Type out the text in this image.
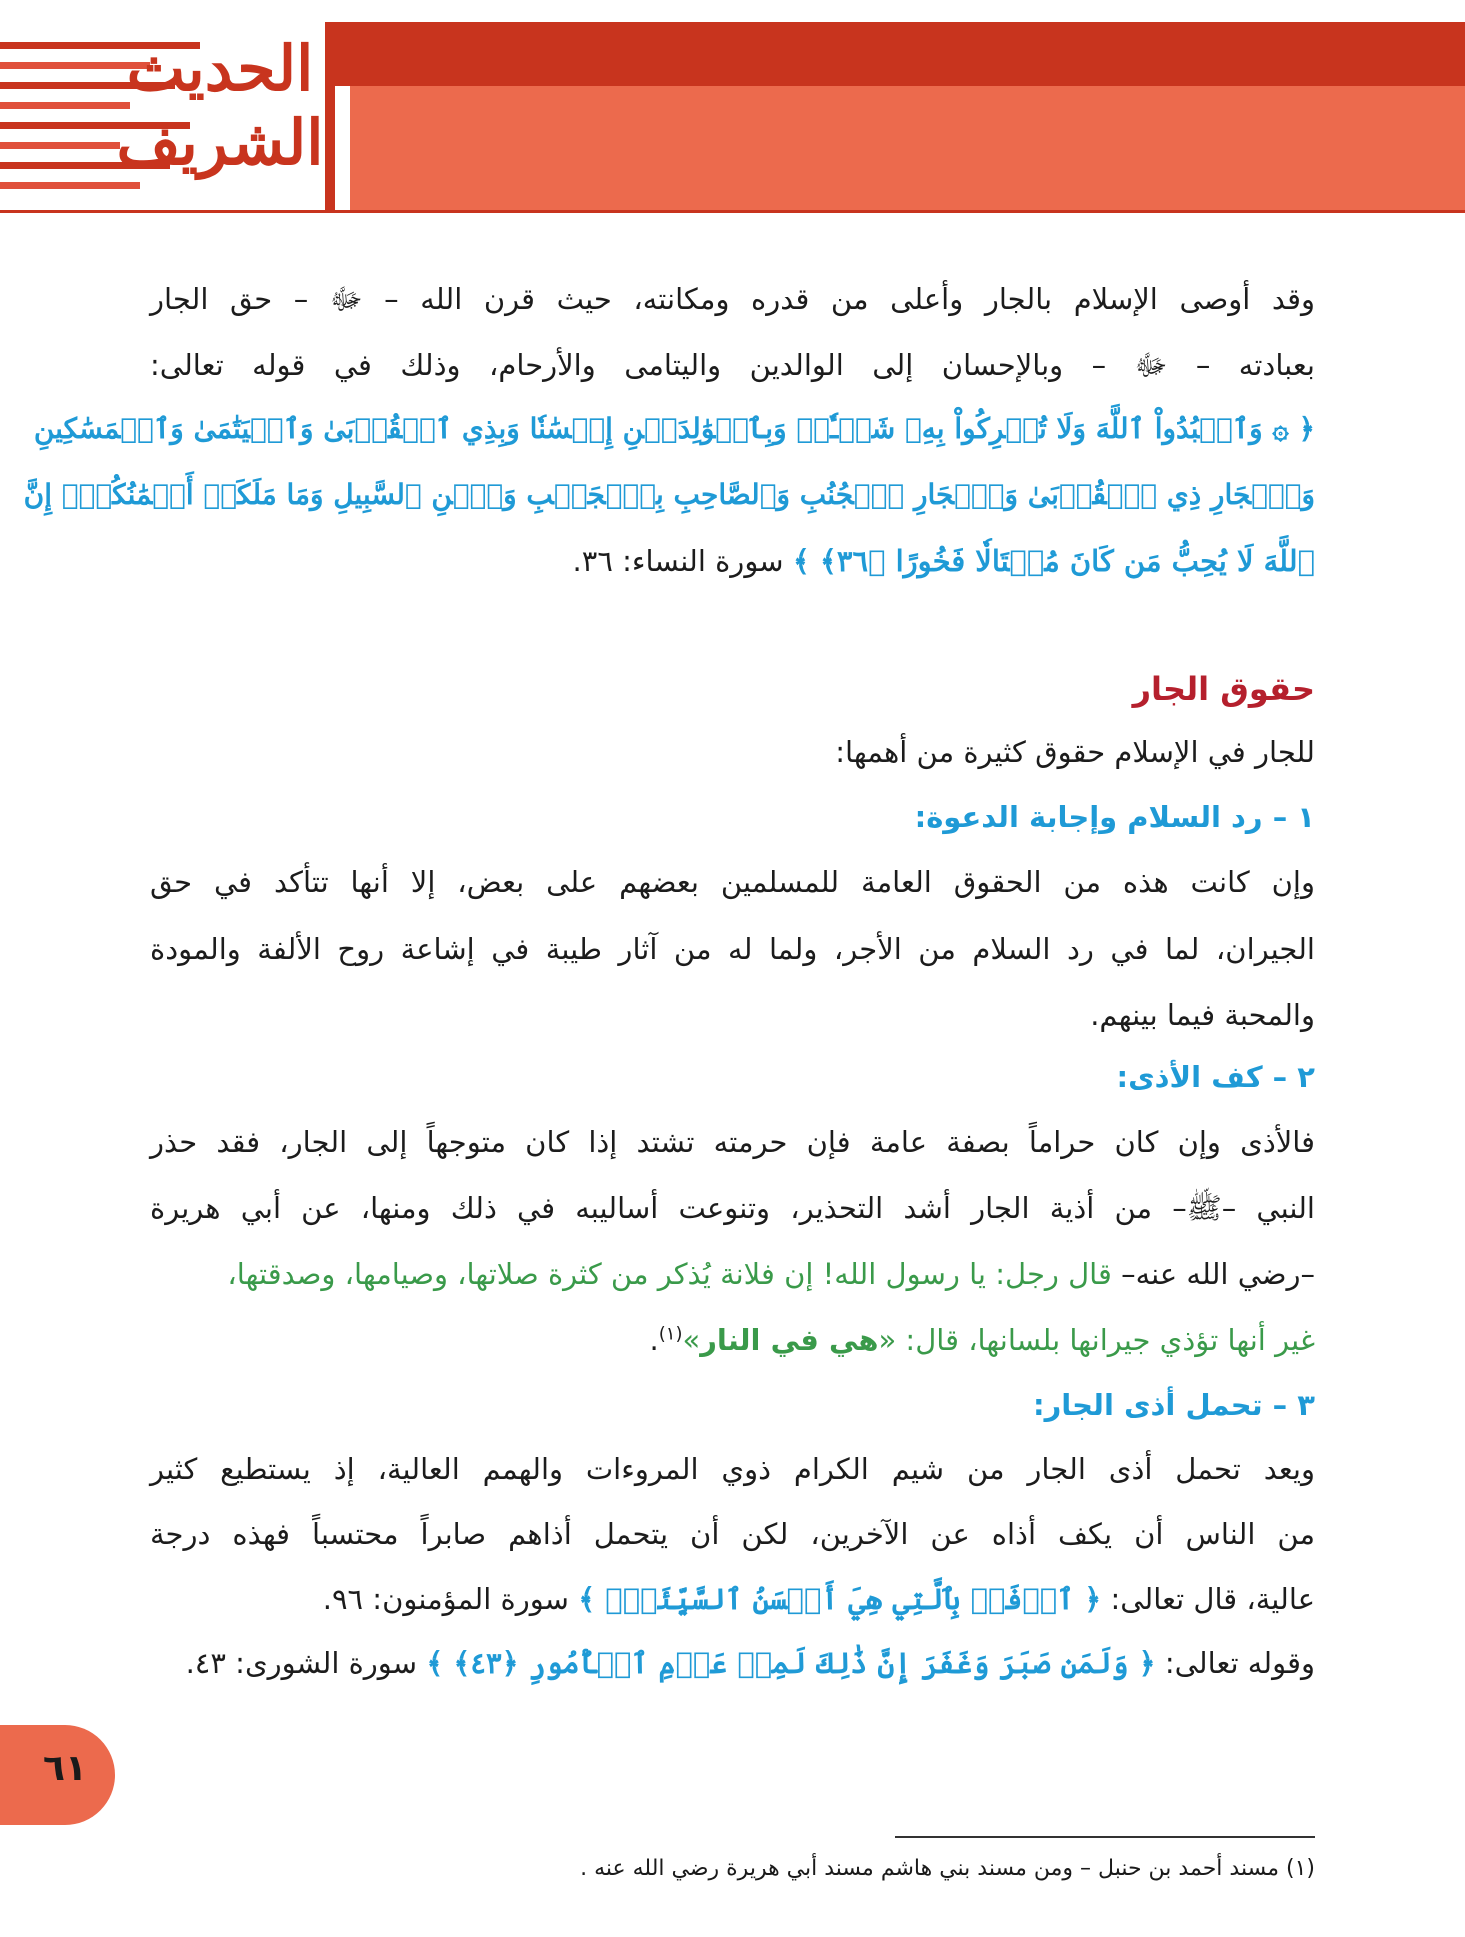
الحديث
الشريف
وقد أوصى الإسلام بالجار وأعلى من قدره ومكانته، حيث قرن الله – ﷻ – حق الجار
بعبادته – ﷻ – وبالإحسان إلى الوالدين واليتامى والأرحام، وذلك في قوله تعالى:
﴿ ۞ وَٱعۡبُدُواْ ٱللَّهَ وَلَا تُشۡرِكُواْ بِهِۦ شَيۡـٔٗاۖ وَبِٱلۡوَٰلِدَيۡنِ إِحۡسَٰنٗا وَبِذِي ٱلۡقُرۡبَىٰ وَٱلۡيَتَٰمَىٰ وَٱلۡمَسَٰكِينِ
وَٱلۡجَارِ ذِي ٱلۡقُرۡبَىٰ وَٱلۡجَارِ ٱلۡجُنُبِ وَٱلصَّاحِبِ بِٱلۡجَنۢبِ وَٱبۡنِ ٱلسَّبِيلِ وَمَا مَلَكَتۡ أَيۡمَٰنُكُمۡۗ إِنَّ
ٱللَّهَ لَا يُحِبُّ مَن كَانَ مُخۡتَالٗا فَخُورًا ﴿٣٦﴾ ﴾ سورة النساء: ٣٦.
حقوق الجار
للجار في الإسلام حقوق كثيرة من أهمها:
١ – رد السلام وإجابة الدعوة:
وإن كانت هذه من الحقوق العامة للمسلمين بعضهم على بعض، إلا أنها تتأكد في حق
الجيران، لما في رد السلام من الأجر، ولما له من آثار طيبة في إشاعة روح الألفة والمودة
والمحبة فيما بينهم.
٢ – كف الأذى:
فالأذى وإن كان حراماً بصفة عامة فإن حرمته تشتد إذا كان متوجهاً إلى الجار، فقد حذر
النبي –ﷺ– من أذية الجار أشد التحذير، وتنوعت أساليبه في ذلك ومنها، عن أبي هريرة
–رضي الله عنه– قال رجل: يا رسول الله! إن فلانة يُذكر من كثرة صلاتها، وصيامها، وصدقتها،
غير أنها تؤذي جيرانها بلسانها، قال: «هي في النار»$^{(١)}$.
٣ – تحمل أذى الجار:
ويعد تحمل أذى الجار من شيم الكرام ذوي المروءات والهمم العالية، إذ يستطيع كثير
من الناس أن يكف أذاه عن الآخرين، لكن أن يتحمل أذاهم صابراً محتسباً فهذه درجة
عالية، قال تعالى: ﴿ ٱدۡفَعۡ بِٱلَّتِي هِيَ أَحۡسَنُ ٱلسَّيِّئَةَۚ ﴾ سورة المؤمنون: ٩٦.
وقوله تعالى: ﴿ وَلَمَن صَبَرَ وَغَفَرَ إِنَّ ذَٰلِكَ لَمِنۡ عَزۡمِ ٱلۡأُمُورِ ﴿٤٣﴾ ﴾ سورة الشورى: ٤٣.
٦١
(١) مسند أحمد بن حنبل – ومن مسند بني هاشم مسند أبي هريرة رضي الله عنه .
